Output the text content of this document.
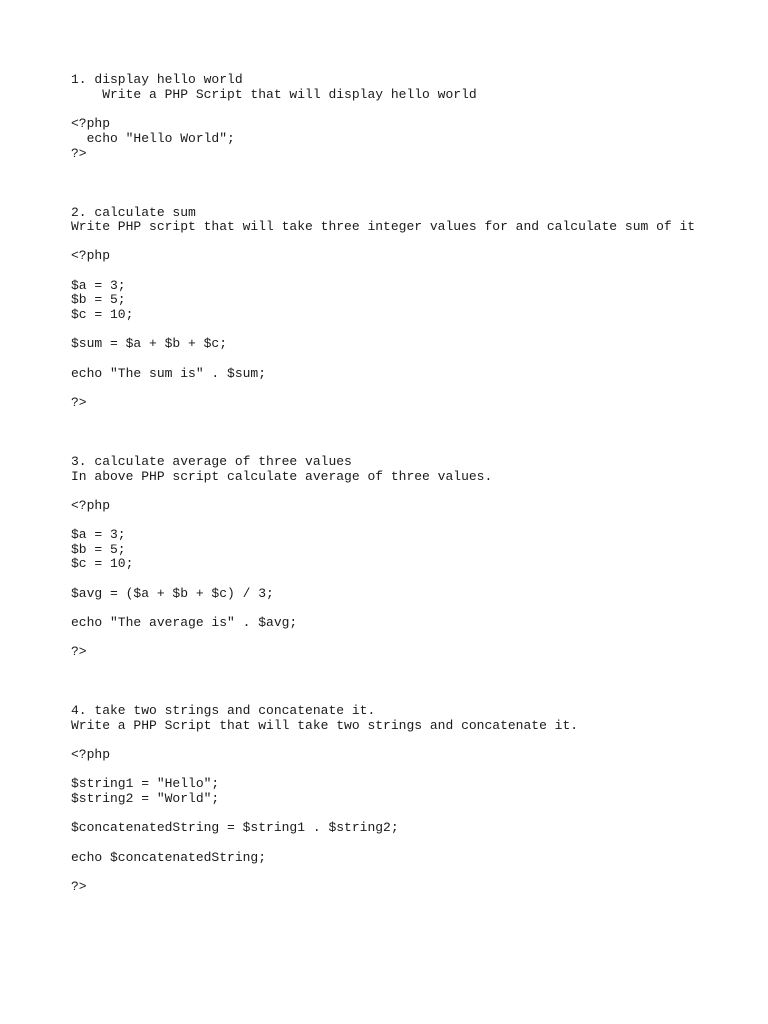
1. display hello world
Write a PHP Script that will display hello world
<?php
echo "Hello World";
?>
2. calculate sum
Write PHP script that will take three integer values for and calculate sum of it
<?php
$a = 3;
$b = 5;
$c = 10;
$sum = $a + $b + $c;
echo "The sum is" . $sum;
?>
3. calculate average of three values
In above PHP script calculate average of three values.
<?php
$a = 3;
$b = 5;
$c = 10;
$avg = ($a + $b + $c) / 3;
echo "The average is" . $avg;
?>
4. take two strings and concatenate it.
Write a PHP Script that will take two strings and concatenate it.
<?php
$string1 = "Hello";
$string2 = "World";
$concatenatedString = $string1 . $string2;
echo $concatenatedString;
?>
